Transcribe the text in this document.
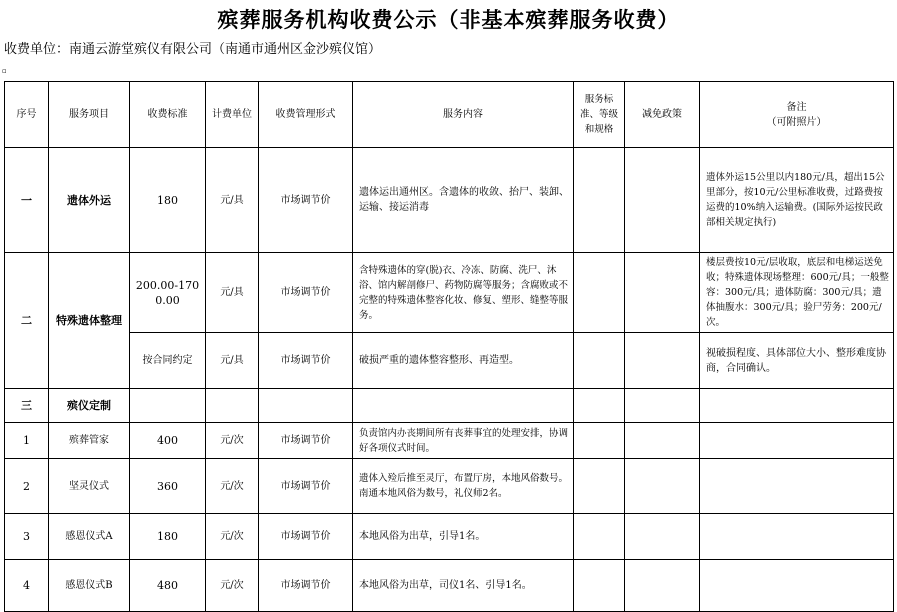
殡葬服务机构收费公示（非基本殡葬服务收费）
收费单位：南通云游堂殡仪有限公司（南通市通州区金沙殡仪馆）
▫
序号	服务项目	收费标准	计费单位	收费管理形式	服务内容	服务标准、等级和规格	减免政策	备注
（可附照片）

一	遗体外运	180	元/具	市场调节价	遗体运出通州区。含遗体的收敛、抬尸、装卸、运输、接运消毒			遗体外运15公里以内180元/具，超出15公里部分，按10元/公里标准收费，过路费按运费的10%纳入运输费。(国际外运按民政部相关规定执行)
二	特殊遗体整理	200.00-1700.00	元/具	市场调节价	含特殊遗体的穿(脱)衣、冷冻、防腐、洗尸、沐浴、馆内解剖修尸、药物防腐等服务；含腐败或不完整的特殊遗体整容化妆、修复、塑形、缝整等服务。			楼层费按10元/层收取，底层和电梯运送免收；特殊遗体现场整理：600元/具；一般整容：300元/具；遗体防腐：300元/具；遗体抽腹水：300元/具；验尸劳务：200元/次。
		按合同约定	元/具	市场调节价	破损严重的遗体整容整形、再造型。			视破损程度、具体部位大小、整形难度协商，合同确认。
三	殡仪定制							
1	殡葬管家	400	元/次	市场调节价	负责馆内办丧期间所有丧葬事宜的处理安排，协调好各项仪式时间。			
2	坚灵仪式	360	元/次	市场调节价	遗体入殓后推至灵厅，布置厅房，本地风俗数号。南通本地风俗为数号，礼仪师2名。			
3	感恩仪式A	180	元/次	市场调节价	本地风俗为出草，引导1名。			
4	感恩仪式B	480	元/次	市场调节价	本地风俗为出草，司仪1名、引导1名。			
